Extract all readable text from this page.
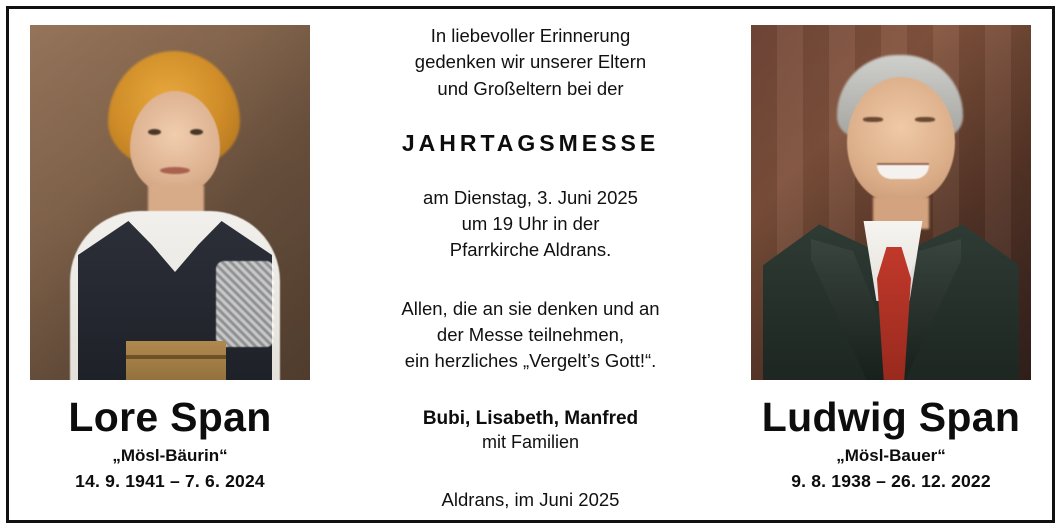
Lore Span
„Mösl-Bäurin“
14. 9. 1941 – 7. 6. 2024
In liebevoller Erinnerung
gedenken wir unserer Eltern
und Großeltern bei der
JAHRTAGSMESSE
am Dienstag, 3. Juni 2025
um 19 Uhr in der
Pfarrkirche Aldrans.
Allen, die an sie denken und an
der Messe teilnehmen,
ein herzliches „Vergelt’s Gott!“.
Bubi, Lisabeth, Manfred
mit Familien
Aldrans, im Juni 2025
Ludwig Span
„Mösl-Bauer“
9. 8. 1938 – 26. 12. 2022
